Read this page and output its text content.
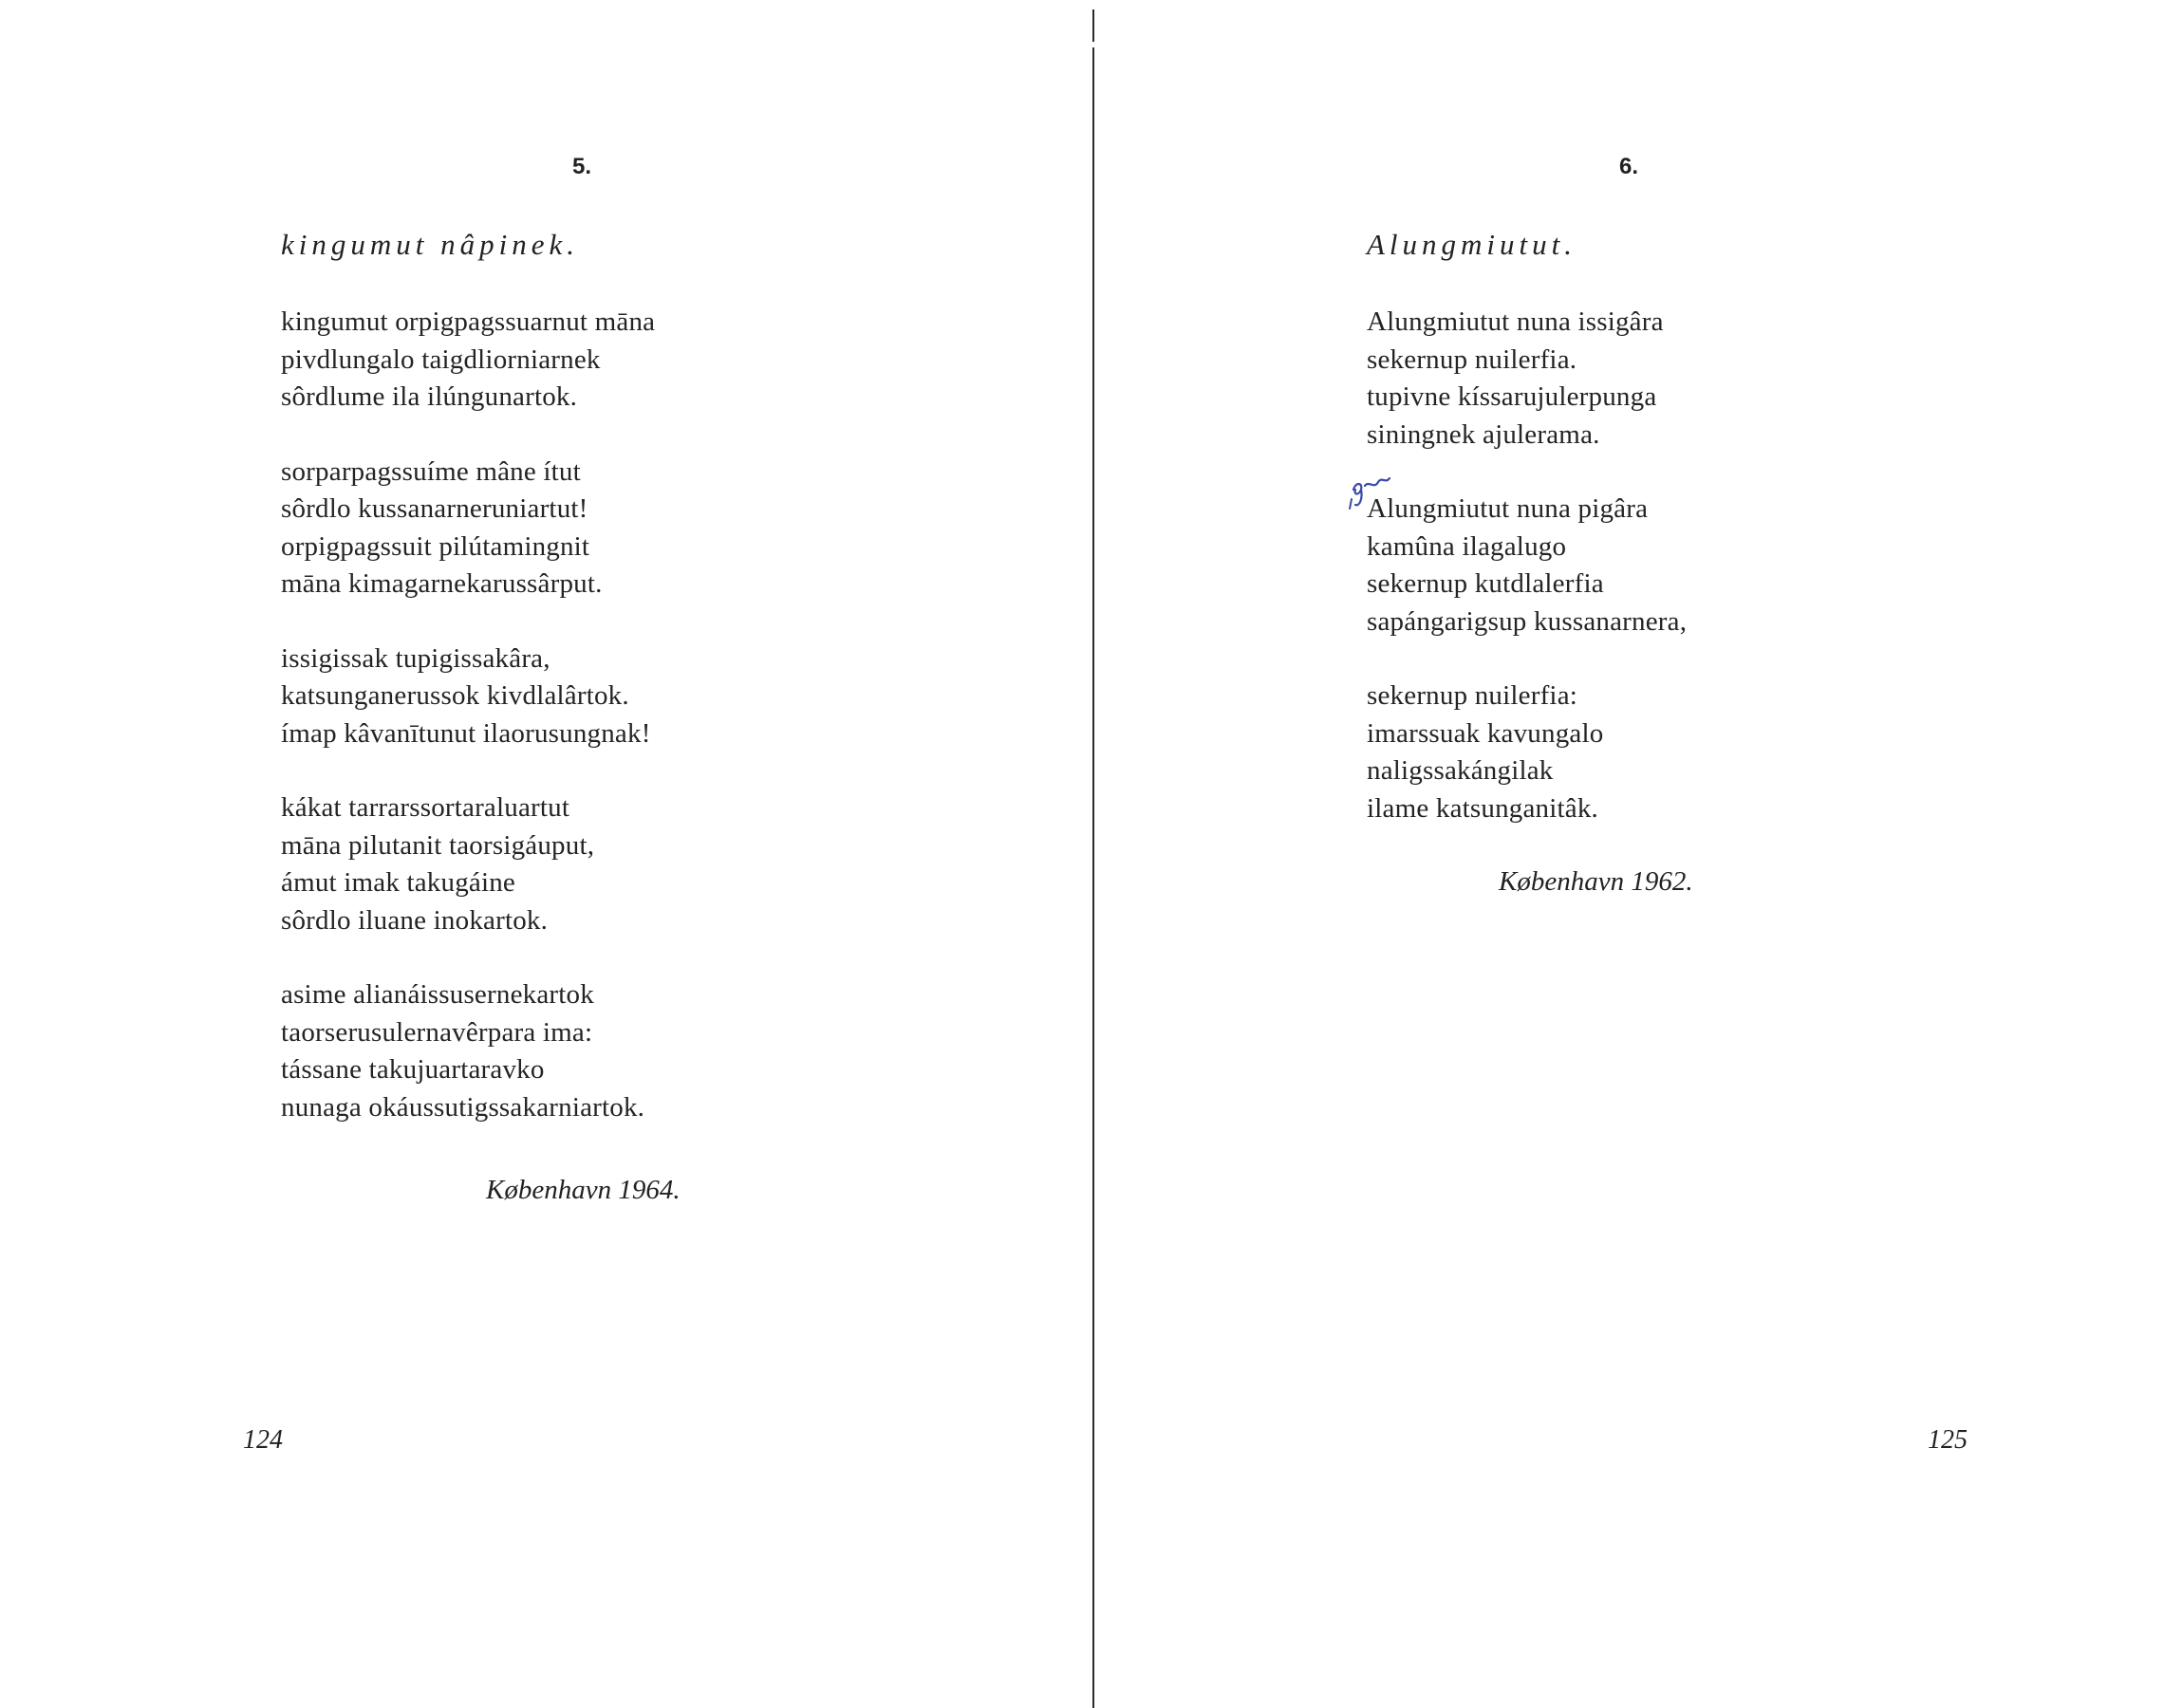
5.
kingumut nâpinek.
kingumut orpigpagssuarnut māna
pivdlungalo taigdliorniarnek
sôrdlume ila ilúngunartok.
sorparpagssuíme mâne ítut
sôrdlo kussanarneruniartut!
orpigpagssuit pilútamingnit
māna kimagarnekarussârput.
issigissak tupigissakâra,
katsunganerussok kivdlalârtok.
ímap kâvanītunut ilaorusungnak!
kákat tarrarssortaraluartut
māna pilutanit taorsigáuput,
ámut imak takugáine
sôrdlo iluane inokartok.
asime alianáissusernekartok
taorserusulernavêrpara ima:
tássane takujuartaravko
nunaga okáussutigssakarniartok.
København 1964.
124
6.
Alungmiutut.
Alungmiutut nuna issigâra
sekernup nuilerfia.
tupivne kíssarujulerpunga
siningnek ajulerama.
Alungmiutut nuna pigâra
kamûna ilagalugo
sekernup kutdlalerfia
sapángarigsup kussanarnera,
sekernup nuilerfia:
imarssuak kavungalo
naligssakángilak
ilame katsunganitâk.
København 1962.
125
